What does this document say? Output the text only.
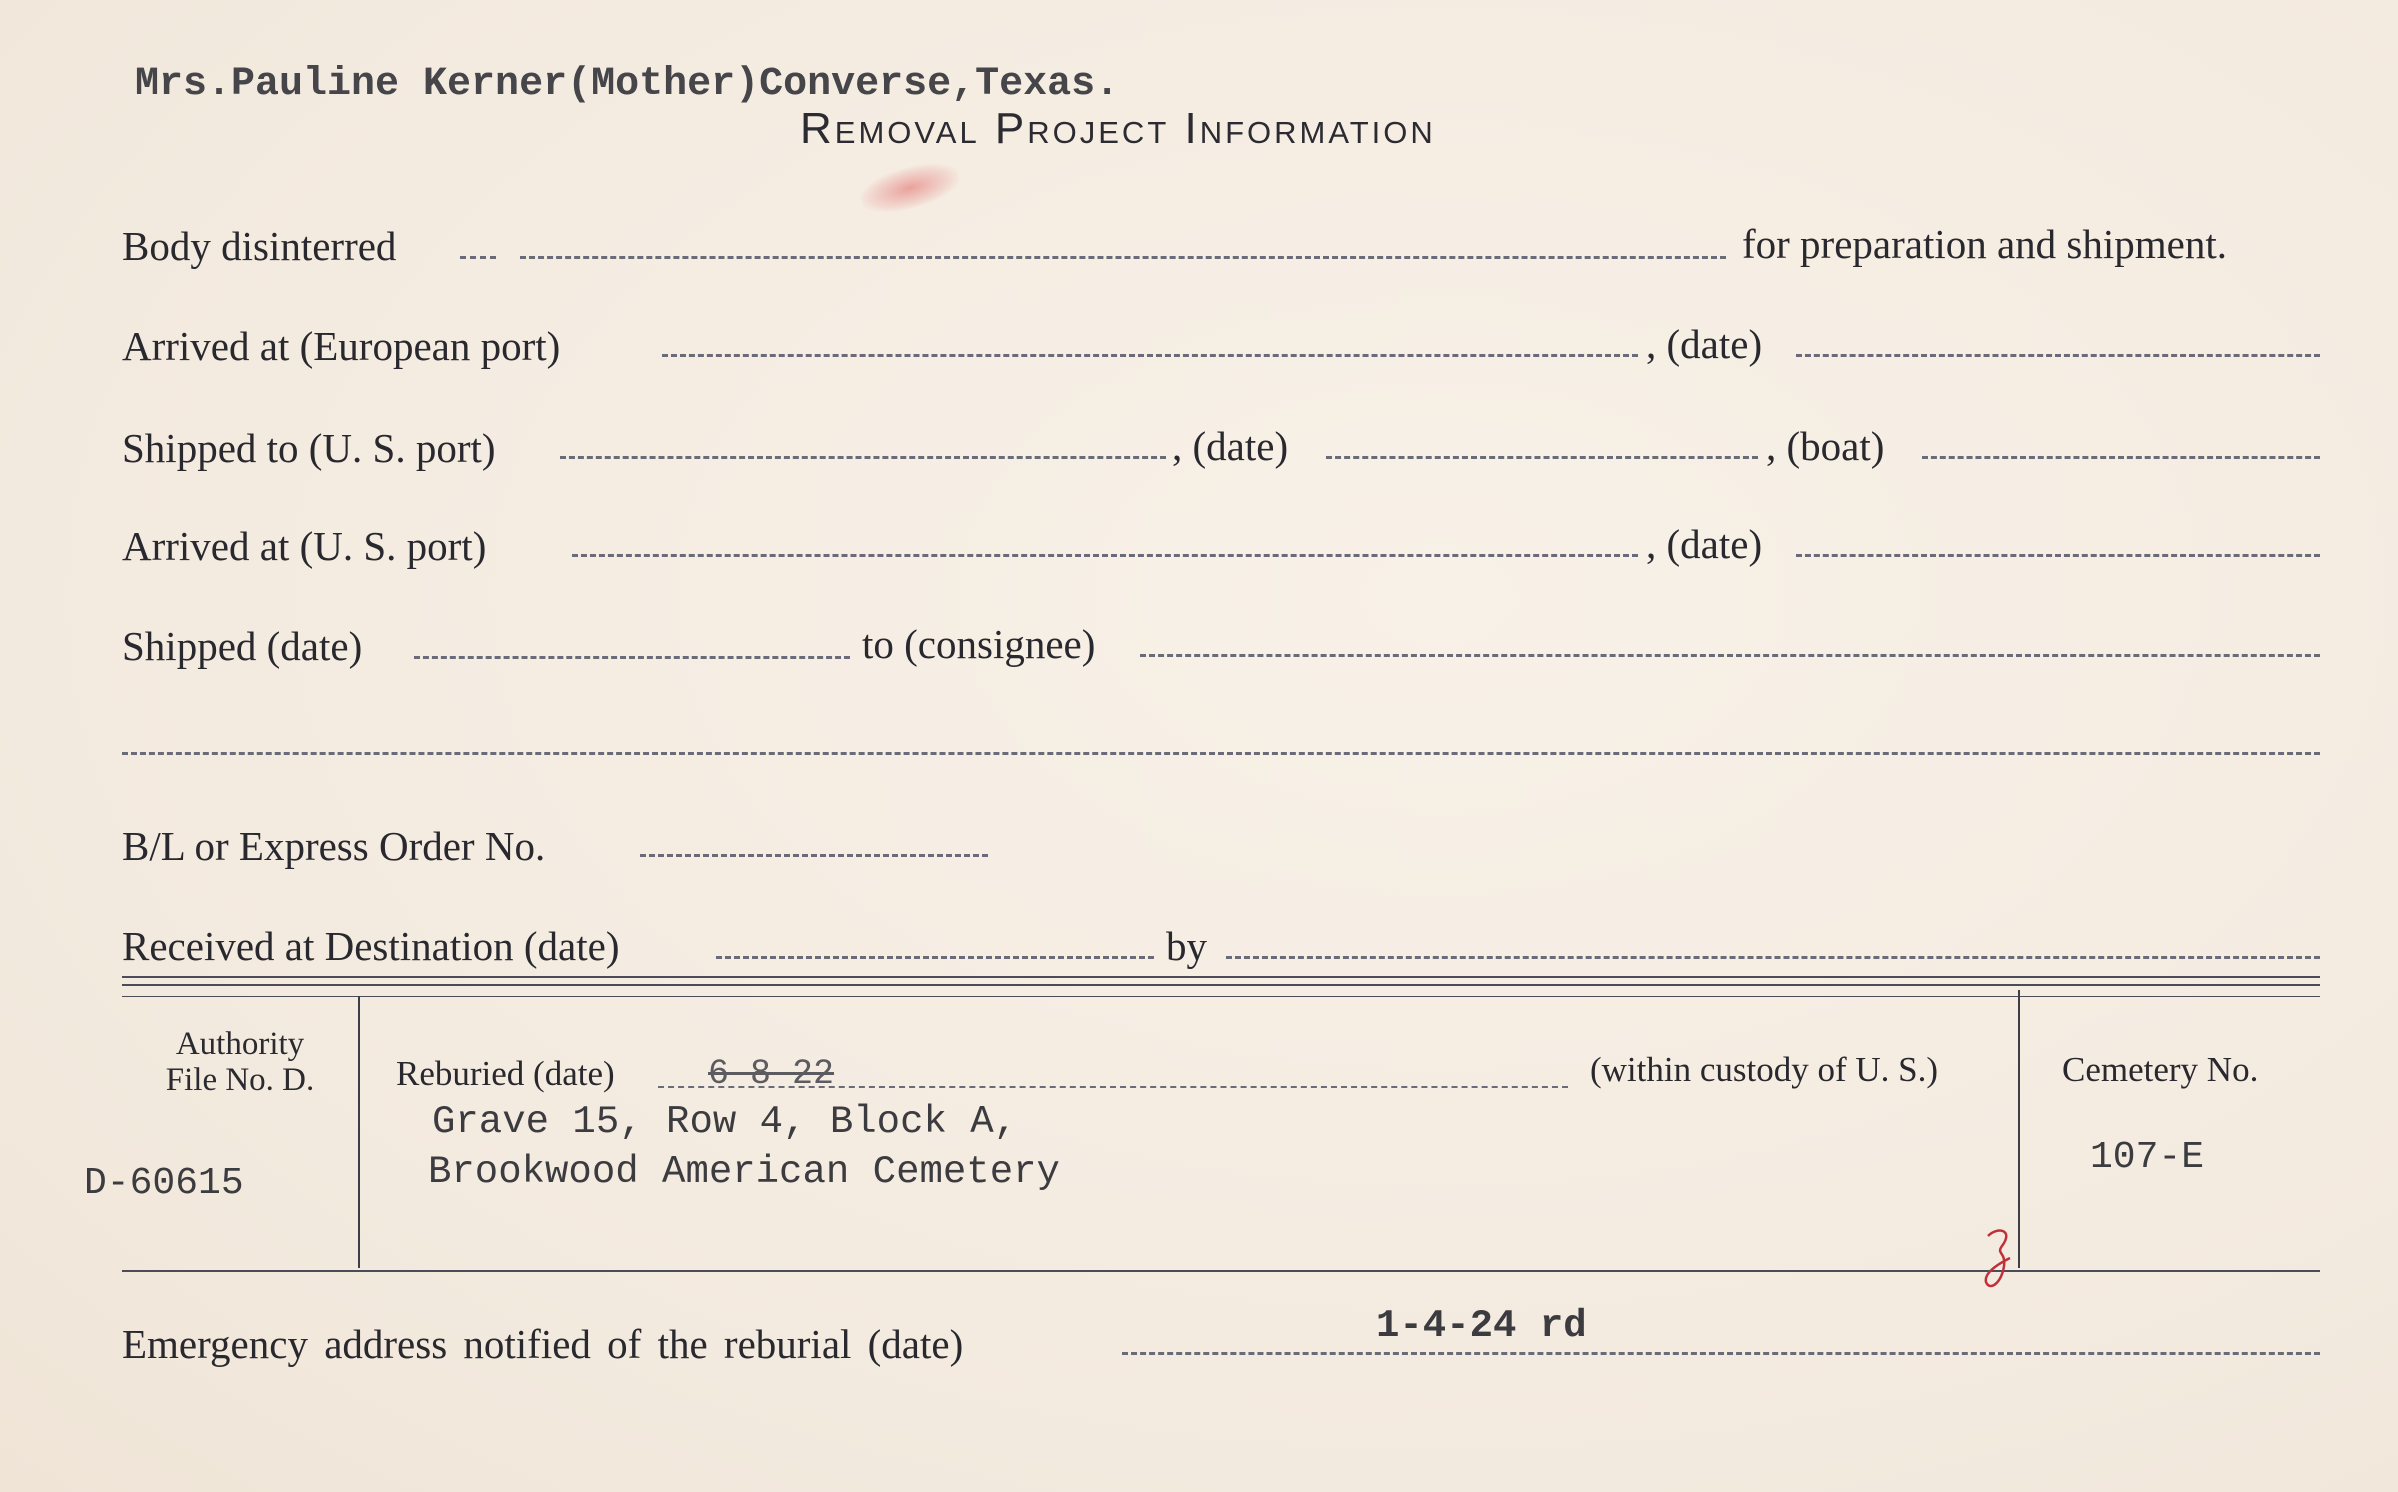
Mrs.Pauline Kerner(Mother)Converse,Texas.
Removal Project Information
Body disinterred	for preparation and shipment.
Arrived at (European port)	, (date)
Shipped to (U. S. port)	, (date)	, (boat)
Arrived at (U. S. port)	, (date)
Shipped (date)	to (consignee)
B/L or Express Order No.
Received at Destination (date)	by
Authority
File No. D.
D-60615
Reburied (date)	6-8-22	(within custody of U. S.)
Grave 15, Row 4, Block A,
Brookwood American Cemetery
Cemetery No.
107-E
Emergency address notified of the reburial (date)	1-4-24 rd
